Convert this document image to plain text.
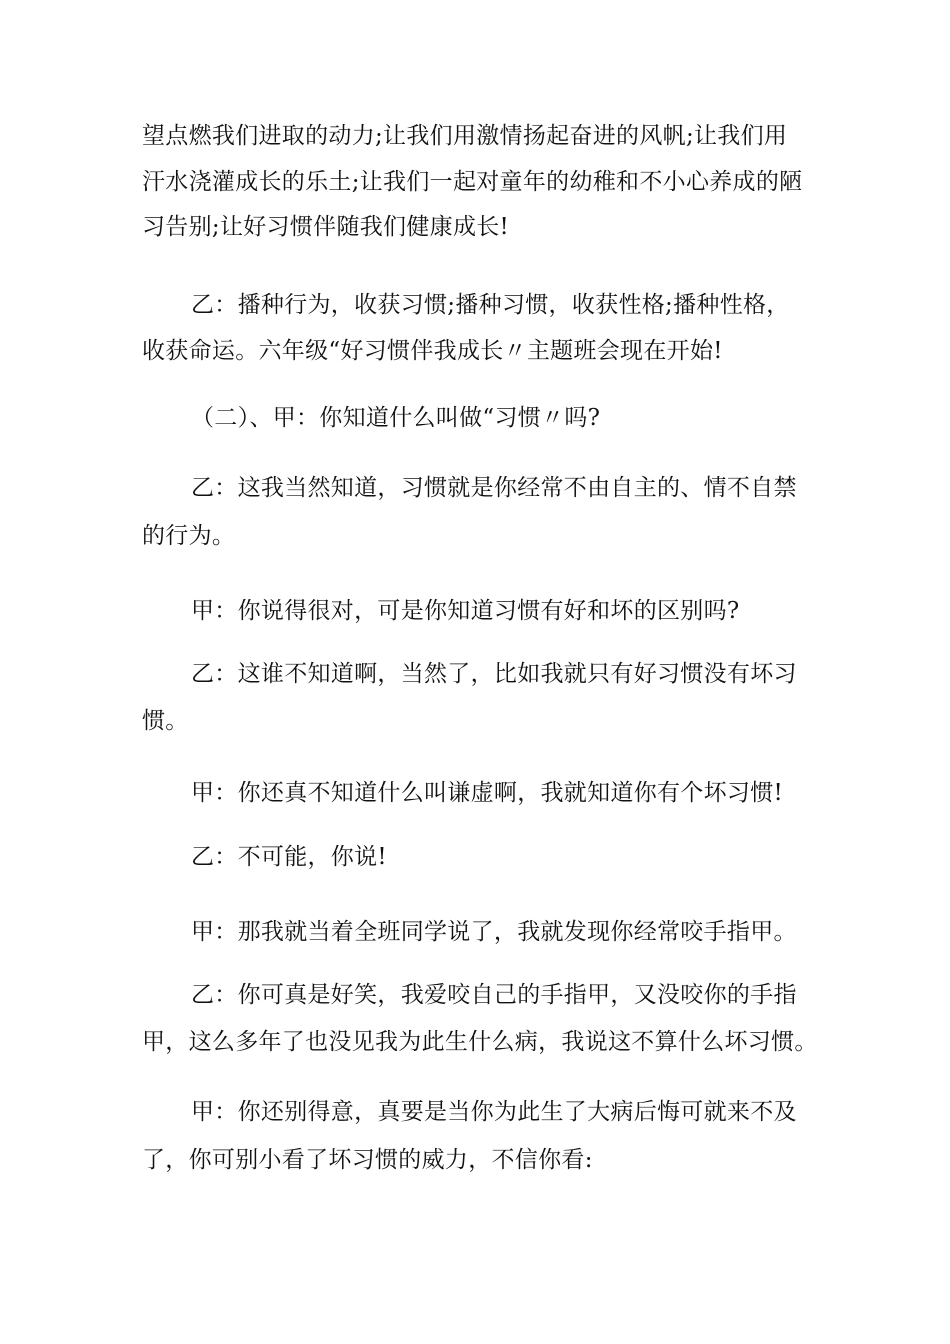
望点燃我们进取的动力;让我们用激情扬起奋进的风帆;让我们用
汗水浇灌成长的乐土;让我们一起对童年的幼稚和不小心养成的陋
习告别;让好习惯伴随我们健康成长!
乙：播种行为，收获习惯;播种习惯，收获性格;播种性格，
收获命运。六年级“好习惯伴我成长〃主题班会现在开始!
（二）、甲：你知道什么叫做“习惯〃吗?
乙：这我当然知道，习惯就是你经常不由自主的、情不自禁
的行为。
甲：你说得很对，可是你知道习惯有好和坏的区别吗?
乙：这谁不知道啊，当然了，比如我就只有好习惯没有坏习
惯。
甲：你还真不知道什么叫谦虚啊，我就知道你有个坏习惯!
乙：不可能，你说!
甲：那我就当着全班同学说了，我就发现你经常咬手指甲。
乙：你可真是好笑，我爱咬自己的手指甲，又没咬你的手指
甲，这么多年了也没见我为此生什么病，我说这不算什么坏习惯。
甲：你还别得意，真要是当你为此生了大病后悔可就来不及
了，你可别小看了坏习惯的威力，不信你看:
